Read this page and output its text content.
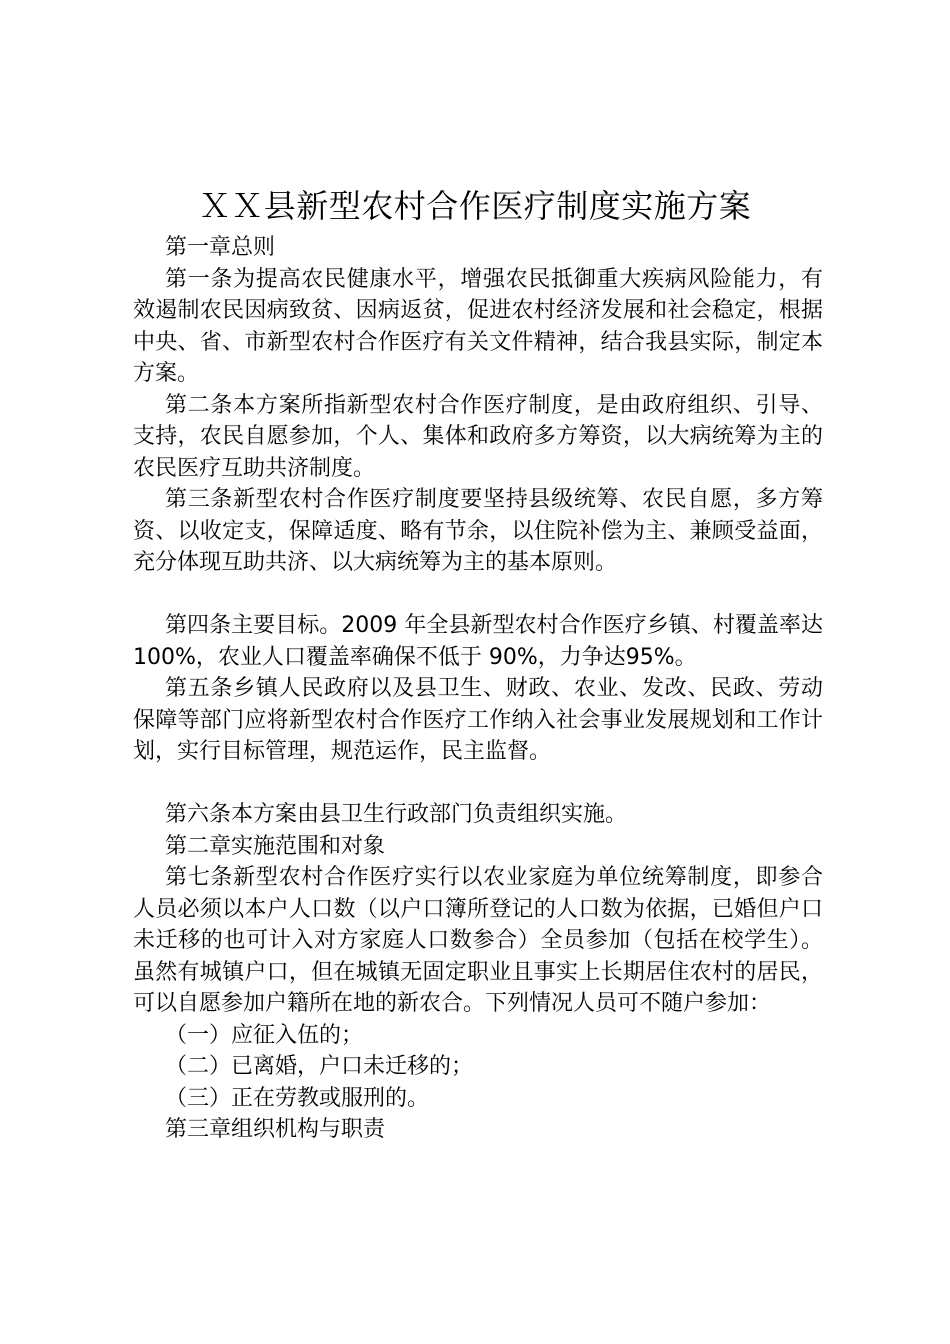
ＸＸ县新型农村合作医疗制度实施方案

第一章总则

第一条为提高农民健康水平，增强农民抵御重大疾病风险能力，有效遏制农民因病致贫、因病返贫，促进农村经济发展和社会稳定，根据中央、省、市新型农村合作医疗有关文件精神，结合我县实际，制定本方案。

第二条本方案所指新型农村合作医疗制度，是由政府组织、引导、支持，农民自愿参加，个人、集体和政府多方筹资，以大病统筹为主的农民医疗互助共济制度。

第三条新型农村合作医疗制度要坚持县级统筹、农民自愿，多方筹资、以收定支，保障适度、略有节余，以住院补偿为主、兼顾受益面，充分体现互助共济、以大病统筹为主的基本原则。

第四条主要目标。2009 年全县新型农村合作医疗乡镇、村覆盖率达 100%，农业人口覆盖率确保不低于 90%，力争达95%。

第五条乡镇人民政府以及县卫生、财政、农业、发改、民政、劳动保障等部门应将新型农村合作医疗工作纳入社会事业发展规划和工作计划，实行目标管理，规范运作，民主监督。

第六条本方案由县卫生行政部门负责组织实施。

第二章实施范围和对象

第七条新型农村合作医疗实行以农业家庭为单位统筹制度，即参合人员必须以本户人口数（以户口簿所登记的人口数为依据，已婚但户口未迁移的也可计入对方家庭人口数参合）全员参加（包括在校学生）。虽然有城镇户口，但在城镇无固定职业且事实上长期居住农村的居民，可以自愿参加户籍所在地的新农合。下列情况人员可不随户参加：

（一）应征入伍的；

（二）已离婚，户口未迁移的；

（三）正在劳教或服刑的。

第三章组织机构与职责
